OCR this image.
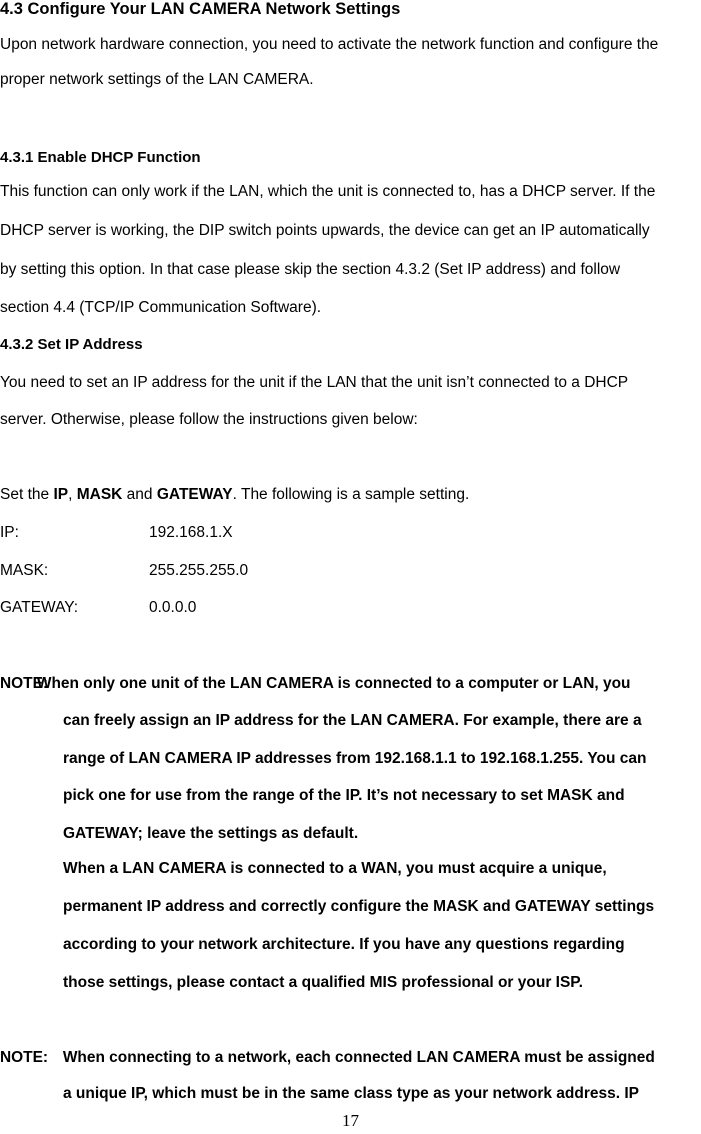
4.3 Configure Your LAN CAMERA Network Settings
Upon network hardware connection, you need to activate the network function and configure the
proper network settings of the LAN CAMERA.
4.3.1 Enable DHCP Function
This function can only work if the LAN, which the unit is connected to, has a DHCP server. If the
DHCP server is working, the DIP switch points upwards, the device can get an IP automatically
by setting this option. In that case please skip the section 4.3.2 (Set IP address) and follow
section 4.4 (TCP/IP Communication Software).
4.3.2 Set IP Address
You need to set an IP address for the unit if the LAN that the unit isn’t connected to a DHCP
server. Otherwise, please follow the instructions given below:
Set the IP, MASK and GATEWAY. The following is a sample setting.
IP:	192.168.1.X
MASK:	255.255.255.0
GATEWAY:	0.0.0.0
NOTE:
When only one unit of the LAN CAMERA is connected to a computer or LAN, you
can freely assign an IP address for the LAN CAMERA. For example, there are a
range of LAN CAMERA IP addresses from 192.168.1.1 to 192.168.1.255. You can
pick one for use from the range of the IP. It’s not necessary to set MASK and
GATEWAY; leave the settings as default.
When a LAN CAMERA is connected to a WAN, you must acquire a unique,
permanent IP address and correctly configure the MASK and GATEWAY settings
according to your network architecture. If you have any questions regarding
those settings, please contact a qualified MIS professional or your ISP.
NOTE: When connecting to a network, each connected LAN CAMERA must be assigned
a unique IP, which must be in the same class type as your network address. IP
17
